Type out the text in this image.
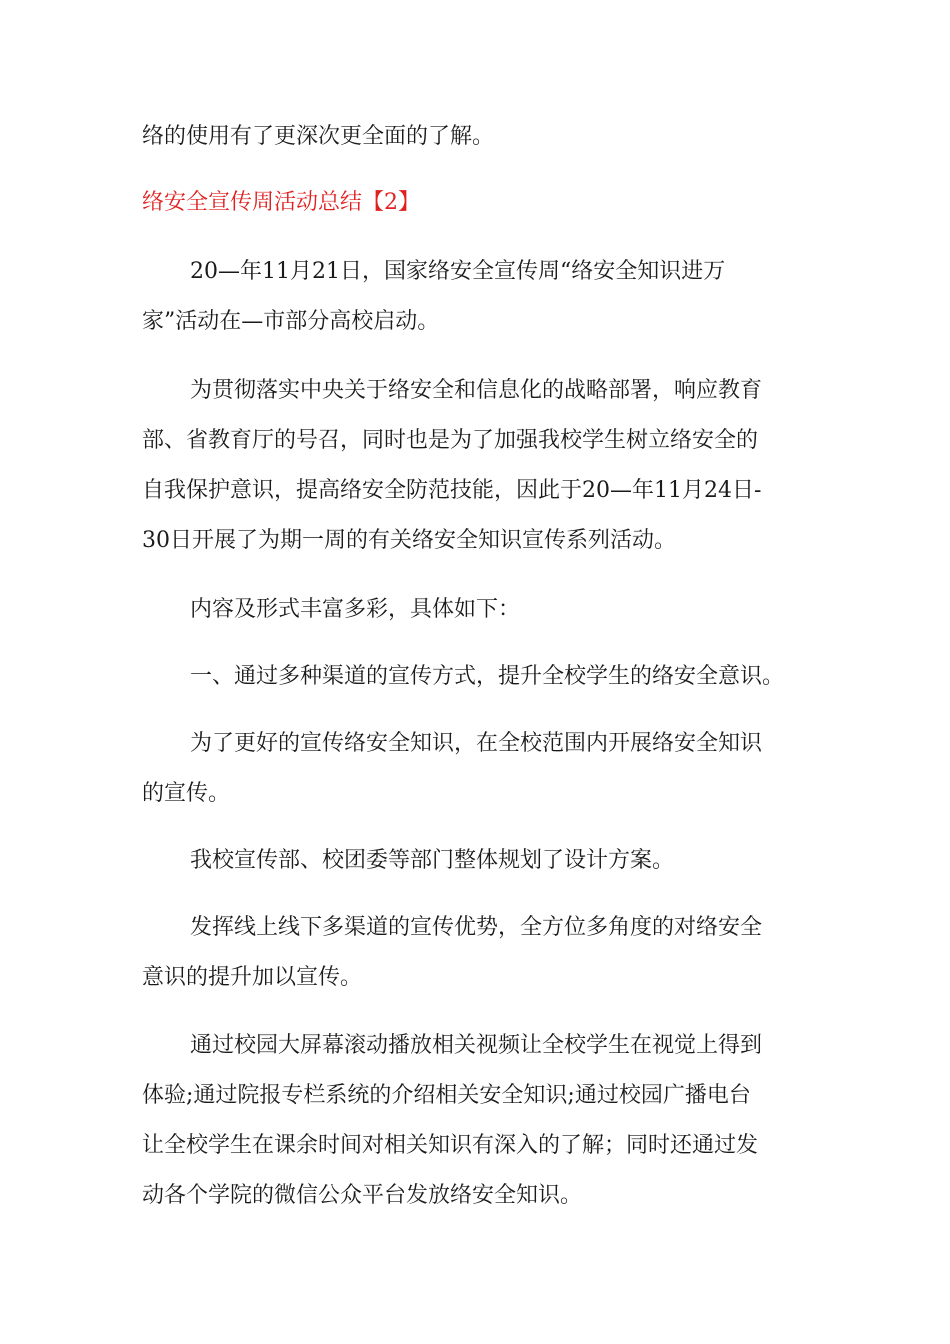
络的使用有了更深次更全面的了解。
络安全宣传周活动总结【2】
20—年11月21日，国家络安全宣传周“络安全知识进万
家”活动在—市部分高校启动。
为贯彻落实中央关于络安全和信息化的战略部署，响应教育
部、省教育厅的号召，同时也是为了加强我校学生树立络安全的
自我保护意识，提高络安全防范技能，因此于20—年11月24日-
30日开展了为期一周的有关络安全知识宣传系列活动。
内容及形式丰富多彩，具体如下：
一、通过多种渠道的宣传方式，提升全校学生的络安全意识。
为了更好的宣传络安全知识，在全校范围内开展络安全知识
的宣传。
我校宣传部、校团委等部门整体规划了设计方案。
发挥线上线下多渠道的宣传优势，全方位多角度的对络安全
意识的提升加以宣传。
通过校园大屏幕滚动播放相关视频让全校学生在视觉上得到
体验;通过院报专栏系统的介绍相关安全知识;通过校园广播电台
让全校学生在课余时间对相关知识有深入的了解；同时还通过发
动各个学院的微信公众平台发放络安全知识。
